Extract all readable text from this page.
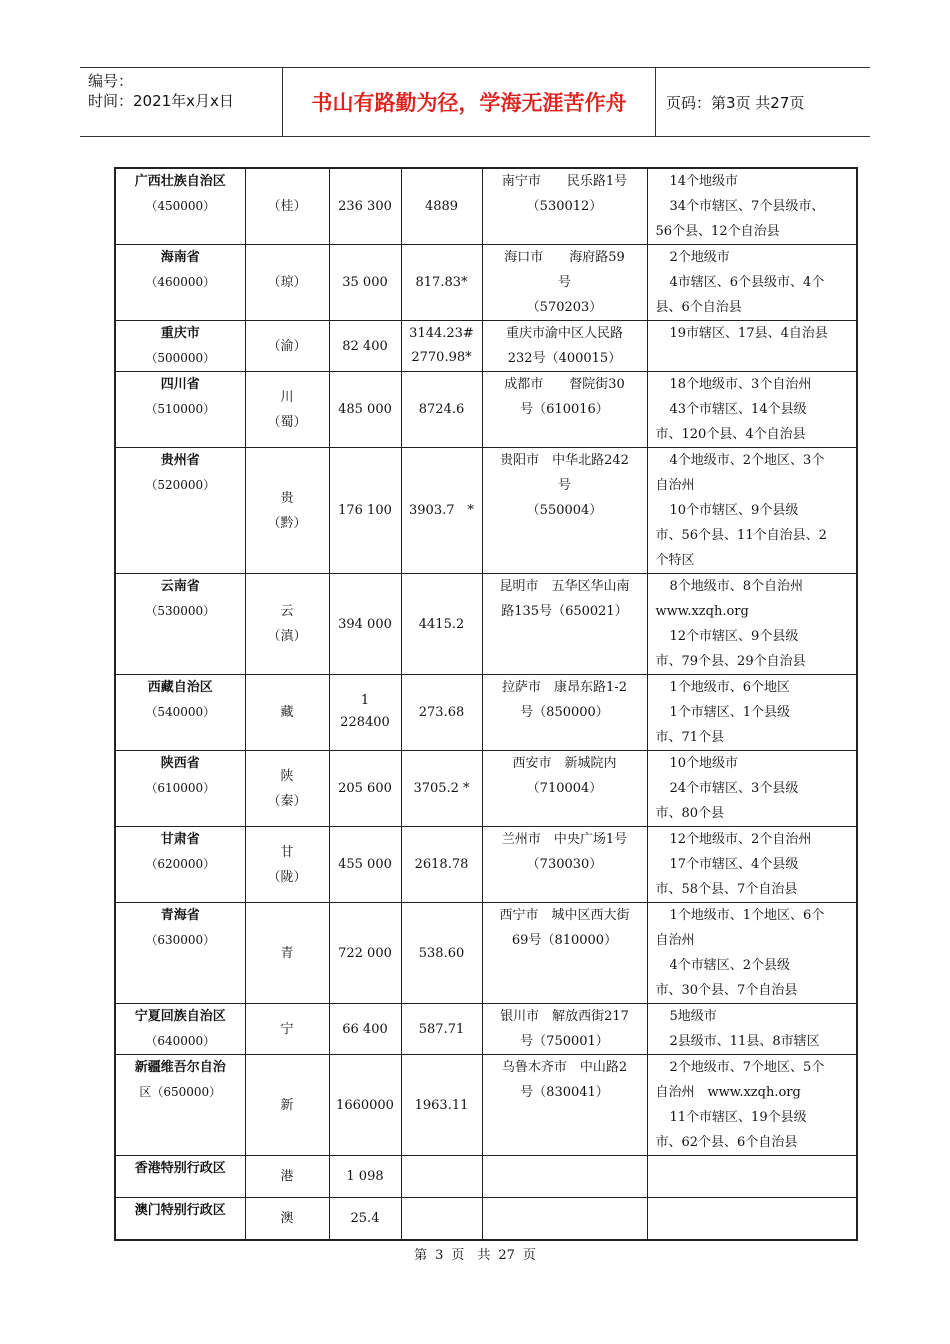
编号：
时间：2021年x月x日	书山有路勤为径，学海无涯苦作舟	页码：第3页 共27页
广西壮族自治区
（450000）	（桂）	236 300	4889	南宁市　　民乐路1号
（530012）	14个地级市
34个市辖区、7个县级市、
56个县、12个自治县

海南省
（460000）	（琼）	35 000	817.83*	海口市　　海府路59
号
（570203）	2个地级市
4市辖区、6个县级市、4个
县、6个自治县

重庆市
（500000）	（渝）	82 400	3144.23# 2770.98*	重庆市渝中区人民路
232号（400015）	19市辖区、17县、4自治县

四川省
（510000）	川
（蜀）	485 000	8724.6	成都市　　督院街30
号（610016）	18个地级市、3个自治州
43个市辖区、14个县级
市、120个县、4个自治县

贵州省
（520000）	贵
（黔）	176 100	3903.7　*	贵阳市　中华北路242
号
（550004）	4个地级市、2个地区、3个
自治州
10个市辖区、9个县级
市、56个县、11个自治县、2
个特区

云南省
（530000）	云
（滇）	394 000	4415.2	昆明市　五华区华山南
路135号（650021）	8个地级市、8个自治州
www.xzqh.org
12个市辖区、9个县级
市、79个县、29个自治县

西藏自治区
（540000）	藏	1 228400	273.68	拉萨市　康昂东路1-2
号（850000）	1个地级市、6个地区
1个市辖区、1个县级
市、71个县

陕西省
（610000）	陕
（秦）	205 600	3705.2 *	西安市　新城院内
（710004）	10个地级市
24个市辖区、3个县级
市、80个县

甘肃省
（620000）	甘
（陇）	455 000	2618.78	兰州市　中央广场1号
（730030）	12个地级市、2个自治州
17个市辖区、4个县级
市、58个县、7个自治县

青海省
（630000）	青	722 000	538.60	西宁市　城中区西大街
69号（810000）	1个地级市、1个地区、6个
自治州
4个市辖区、2个县级
市、30个县、7个自治县

宁夏回族自治区
（640000）	宁	66 400	587.71	银川市　解放西街217
号（750001）	5地级市
2县级市、11县、8市辖区

新疆维吾尔自治
区（650000）	新	1660000	1963.11	乌鲁木齐市　中山路2
号（830041）	2个地级市、7个地区、5个
自治州　www.xzqh.org
11个市辖区、19个县级
市、62个县、6个自治县

香港特别行政区	港	1 098			

澳门特别行政区	澳	25.4			
第 3 页　共 27 页
